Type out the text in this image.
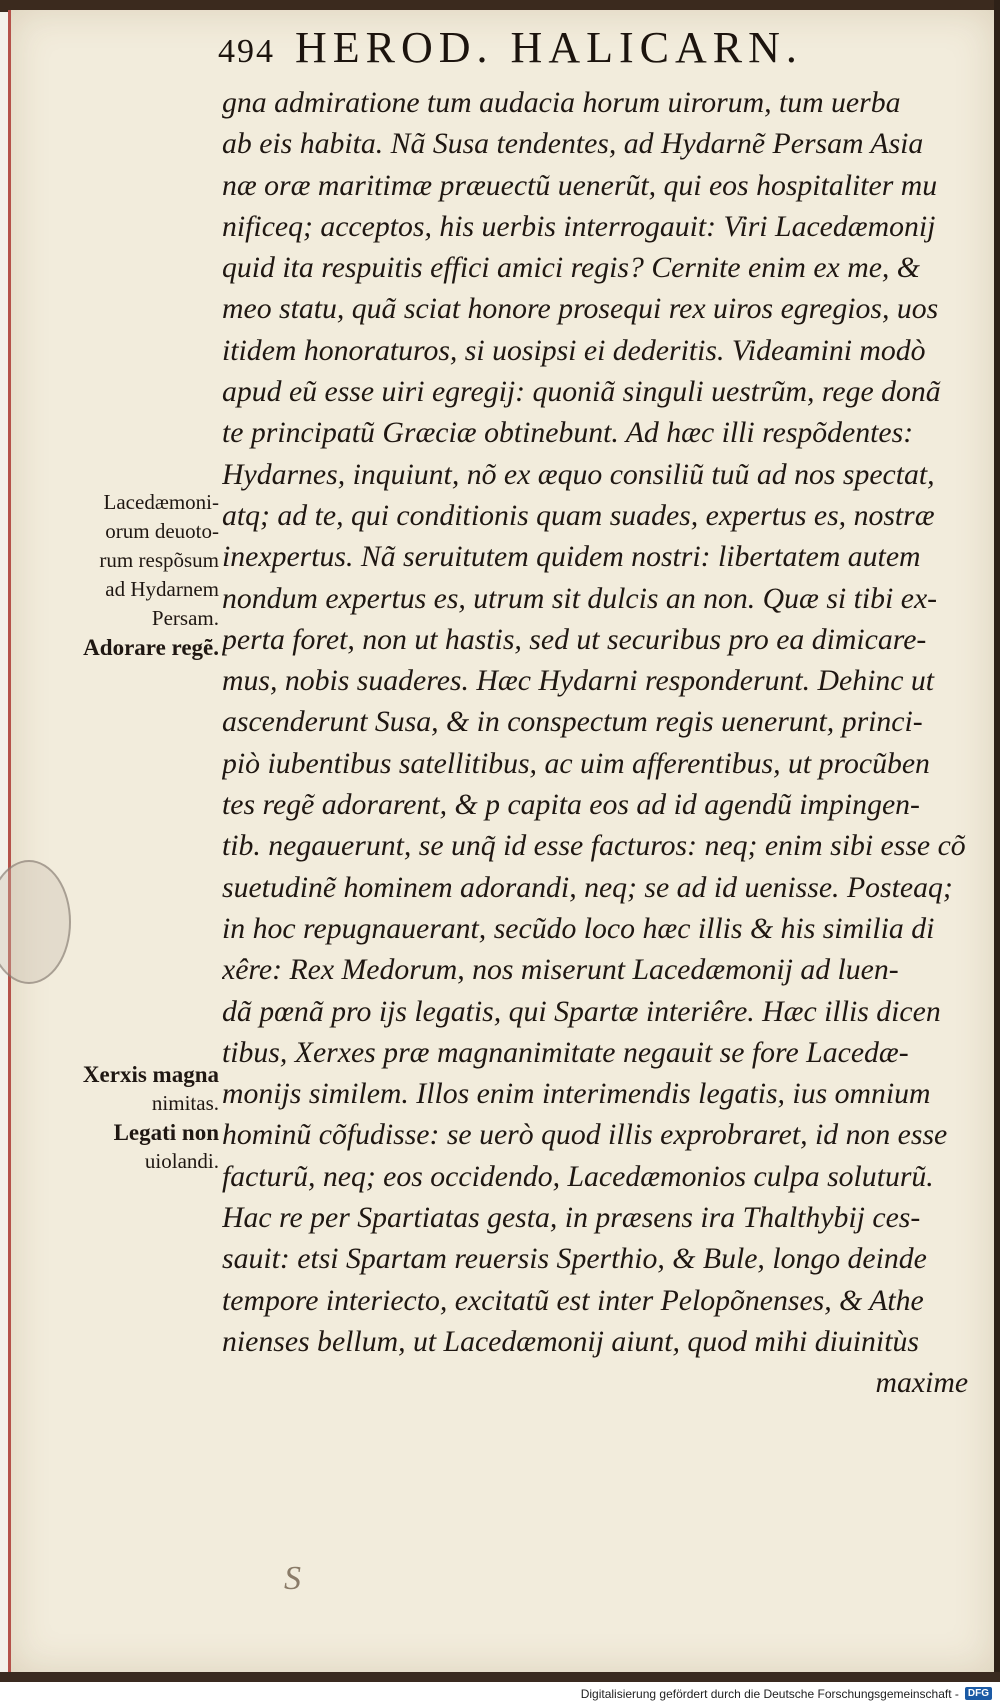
494 HEROD. HALICARN.
gna admiratione tum audacia horum uirorum, tum uerba
ab eis habita. Nã Susa tendentes, ad Hydarnẽ Persam Asia
næ oræ maritimæ præuectũ uenerũt, qui eos hospitaliter mu
nificeq; acceptos, his uerbis interrogauit: Viri Lacedæmonij
quid ita respuitis effici amici regis? Cernite enim ex me, &
meo statu, quã sciat honore prosequi rex uiros egregios, uos
itidem honoraturos, si uosipsi ei dederitis. Videamini modò
apud eũ esse uiri egregij: quoniã singuli uestrũm, rege donã
te principatũ Græciæ obtinebunt. Ad hæc illi respõdentes:
Hydarnes, inquiunt, nõ ex æquo consiliũ tuũ ad nos spectat,
atq; ad te, qui conditionis quam suades, expertus es, nostræ
inexpertus. Nã seruitutem quidem nostri: libertatem autem
nondum expertus es, utrum sit dulcis an non. Quæ si tibi ex-
perta foret, non ut hastis, sed ut securibus pro ea dimicare-
mus, nobis suaderes. Hæc Hydarni responderunt. Dehinc ut
ascenderunt Susa, & in conspectum regis uenerunt, princi-
piò iubentibus satellitibus, ac uim afferentibus, ut procũben
tes regẽ adorarent, & p capita eos ad id agendũ impingen-
tib. negauerunt, se unq̃ id esse facturos: neq; enim sibi esse cõ
suetudinẽ hominem adorandi, neq; se ad id uenisse. Posteaq;
in hoc repugnauerant, secũdo loco hæc illis & his similia di
xêre: Rex Medorum, nos miserunt Lacedæmonij ad luen-
dã pœnã pro ijs legatis, qui Spartæ interiêre. Hæc illis dicen
tibus, Xerxes præ magnanimitate negauit se fore Lacedæ-
monijs similem. Illos enim interimendis legatis, ius omnium
hominũ cõfudisse: se uerò quod illis exprobraret, id non esse
facturũ, neq; eos occidendo, Lacedæmonios culpa soluturũ.
Hac re per Spartiatas gesta, in præsens ira Thalthybij ces-
sauit: etsi Spartam reuersis Sperthio, & Bule, longo deinde
tempore interiecto, excitatũ est inter Pelopõnenses, & Athe
nienses bellum, ut Lacedæmonij aiunt, quod mihi diuinitùs
maxime
Lacedæmoni-
orum deuoto-
rum respõsum
ad Hydarnem
Persam.
Adorare regẽ.
Xerxis magna
nimitas.
Legati non
uiolandi.
S
Digitalisierung gefördert durch die Deutsche Forschungsgemeinschaft - DFG
